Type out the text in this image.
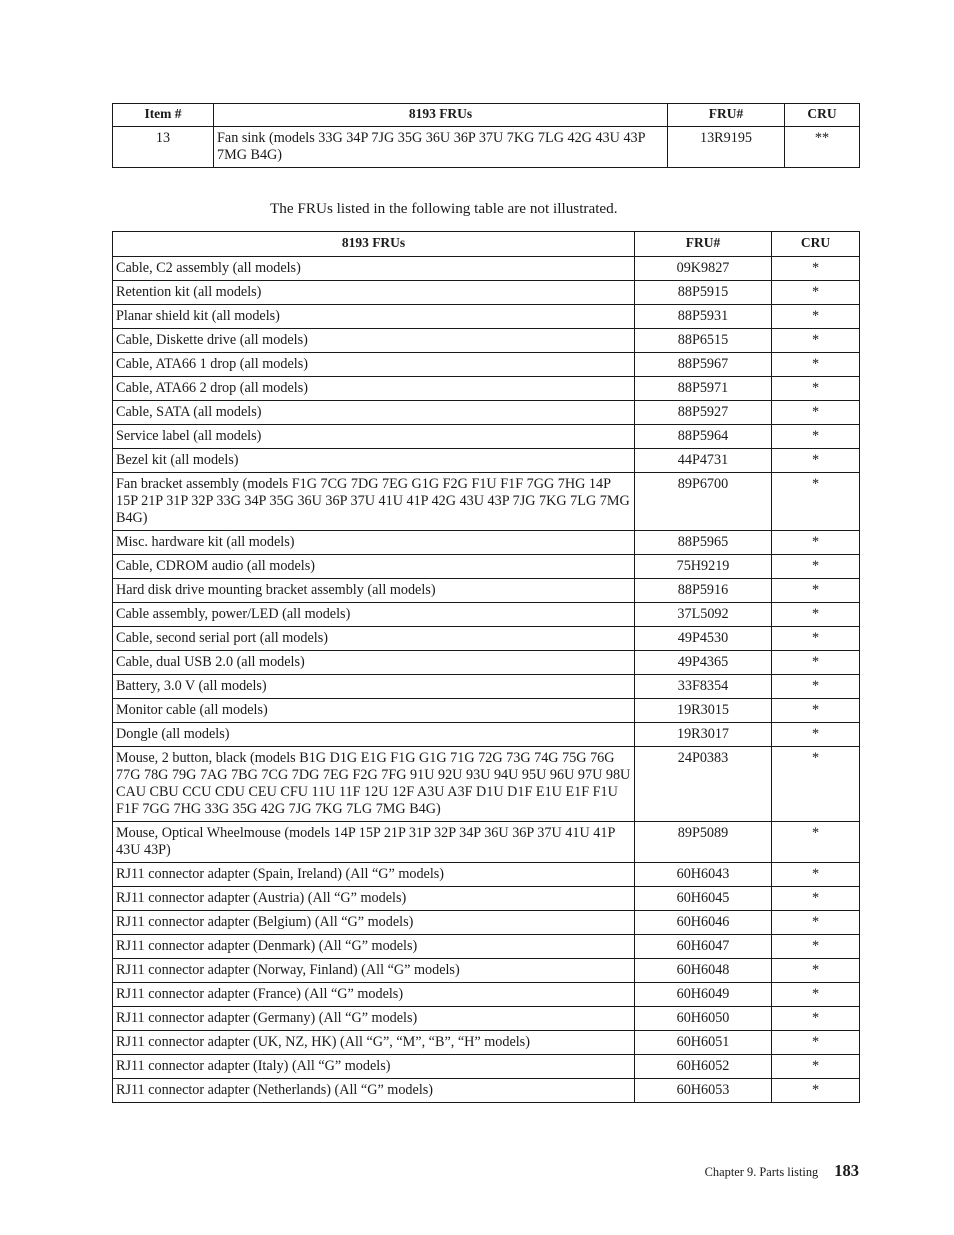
Item #	8193 FRUs	FRU#	CRU
13	Fan sink (models 33G 34P 7JG 35G 36U 36P 37U 7KG 7LG 42G 43U 43P 7MG B4G)	13R9195	**
The FRUs listed in the following table are not illustrated.
8193 FRUs	FRU#	CRU
Cable, C2 assembly (all models)	09K9827	*
Retention kit (all models)	88P5915	*
Planar shield kit (all models)	88P5931	*
Cable, Diskette drive (all models)	88P6515	*
Cable, ATA66 1 drop (all models)	88P5967	*
Cable, ATA66 2 drop (all models)	88P5971	*
Cable, SATA (all models)	88P5927	*
Service label (all models)	88P5964	*
Bezel kit (all models)	44P4731	*
Fan bracket assembly (models F1G 7CG 7DG 7EG G1G F2G F1U F1F 7GG 7HG 14P 15P 21P 31P 32P 33G 34P 35G 36U 36P 37U 41U 41P 42G 43U 43P 7JG 7KG 7LG 7MG B4G)	89P6700	*
Misc. hardware kit (all models)	88P5965	*
Cable, CDROM audio (all models)	75H9219	*
Hard disk drive mounting bracket assembly (all models)	88P5916	*
Cable assembly, power/LED (all models)	37L5092	*
Cable, second serial port (all models)	49P4530	*
Cable, dual USB 2.0 (all models)	49P4365	*
Battery, 3.0 V (all models)	33F8354	*
Monitor cable (all models)	19R3015	*
Dongle (all models)	19R3017	*
Mouse, 2 button, black (models B1G D1G E1G F1G G1G 71G 72G 73G 74G 75G 76G 77G 78G 79G 7AG 7BG 7CG 7DG 7EG F2G 7FG 91U 92U 93U 94U 95U 96U 97U 98U CAU CBU CCU CDU CEU CFU 11U 11F 12U 12F A3U A3F D1U D1F E1U E1F F1U F1F 7GG 7HG 33G 35G 42G 7JG 7KG 7LG 7MG B4G)	24P0383	*
Mouse, Optical Wheelmouse (models 14P 15P 21P 31P 32P 34P 36U 36P 37U 41U 41P 43U 43P)	89P5089	*
RJ11 connector adapter (Spain, Ireland) (All “G” models)	60H6043	*
RJ11 connector adapter (Austria) (All “G” models)	60H6045	*
RJ11 connector adapter (Belgium) (All “G” models)	60H6046	*
RJ11 connector adapter (Denmark) (All “G” models)	60H6047	*
RJ11 connector adapter (Norway, Finland) (All “G” models)	60H6048	*
RJ11 connector adapter (France) (All “G” models)	60H6049	*
RJ11 connector adapter (Germany) (All “G” models)	60H6050	*
RJ11 connector adapter (UK, NZ, HK) (All “G”, “M”, “B”, “H” models)	60H6051	*
RJ11 connector adapter (Italy) (All “G” models)	60H6052	*
RJ11 connector adapter (Netherlands) (All “G” models)	60H6053	*
Chapter 9. Parts listing 183
